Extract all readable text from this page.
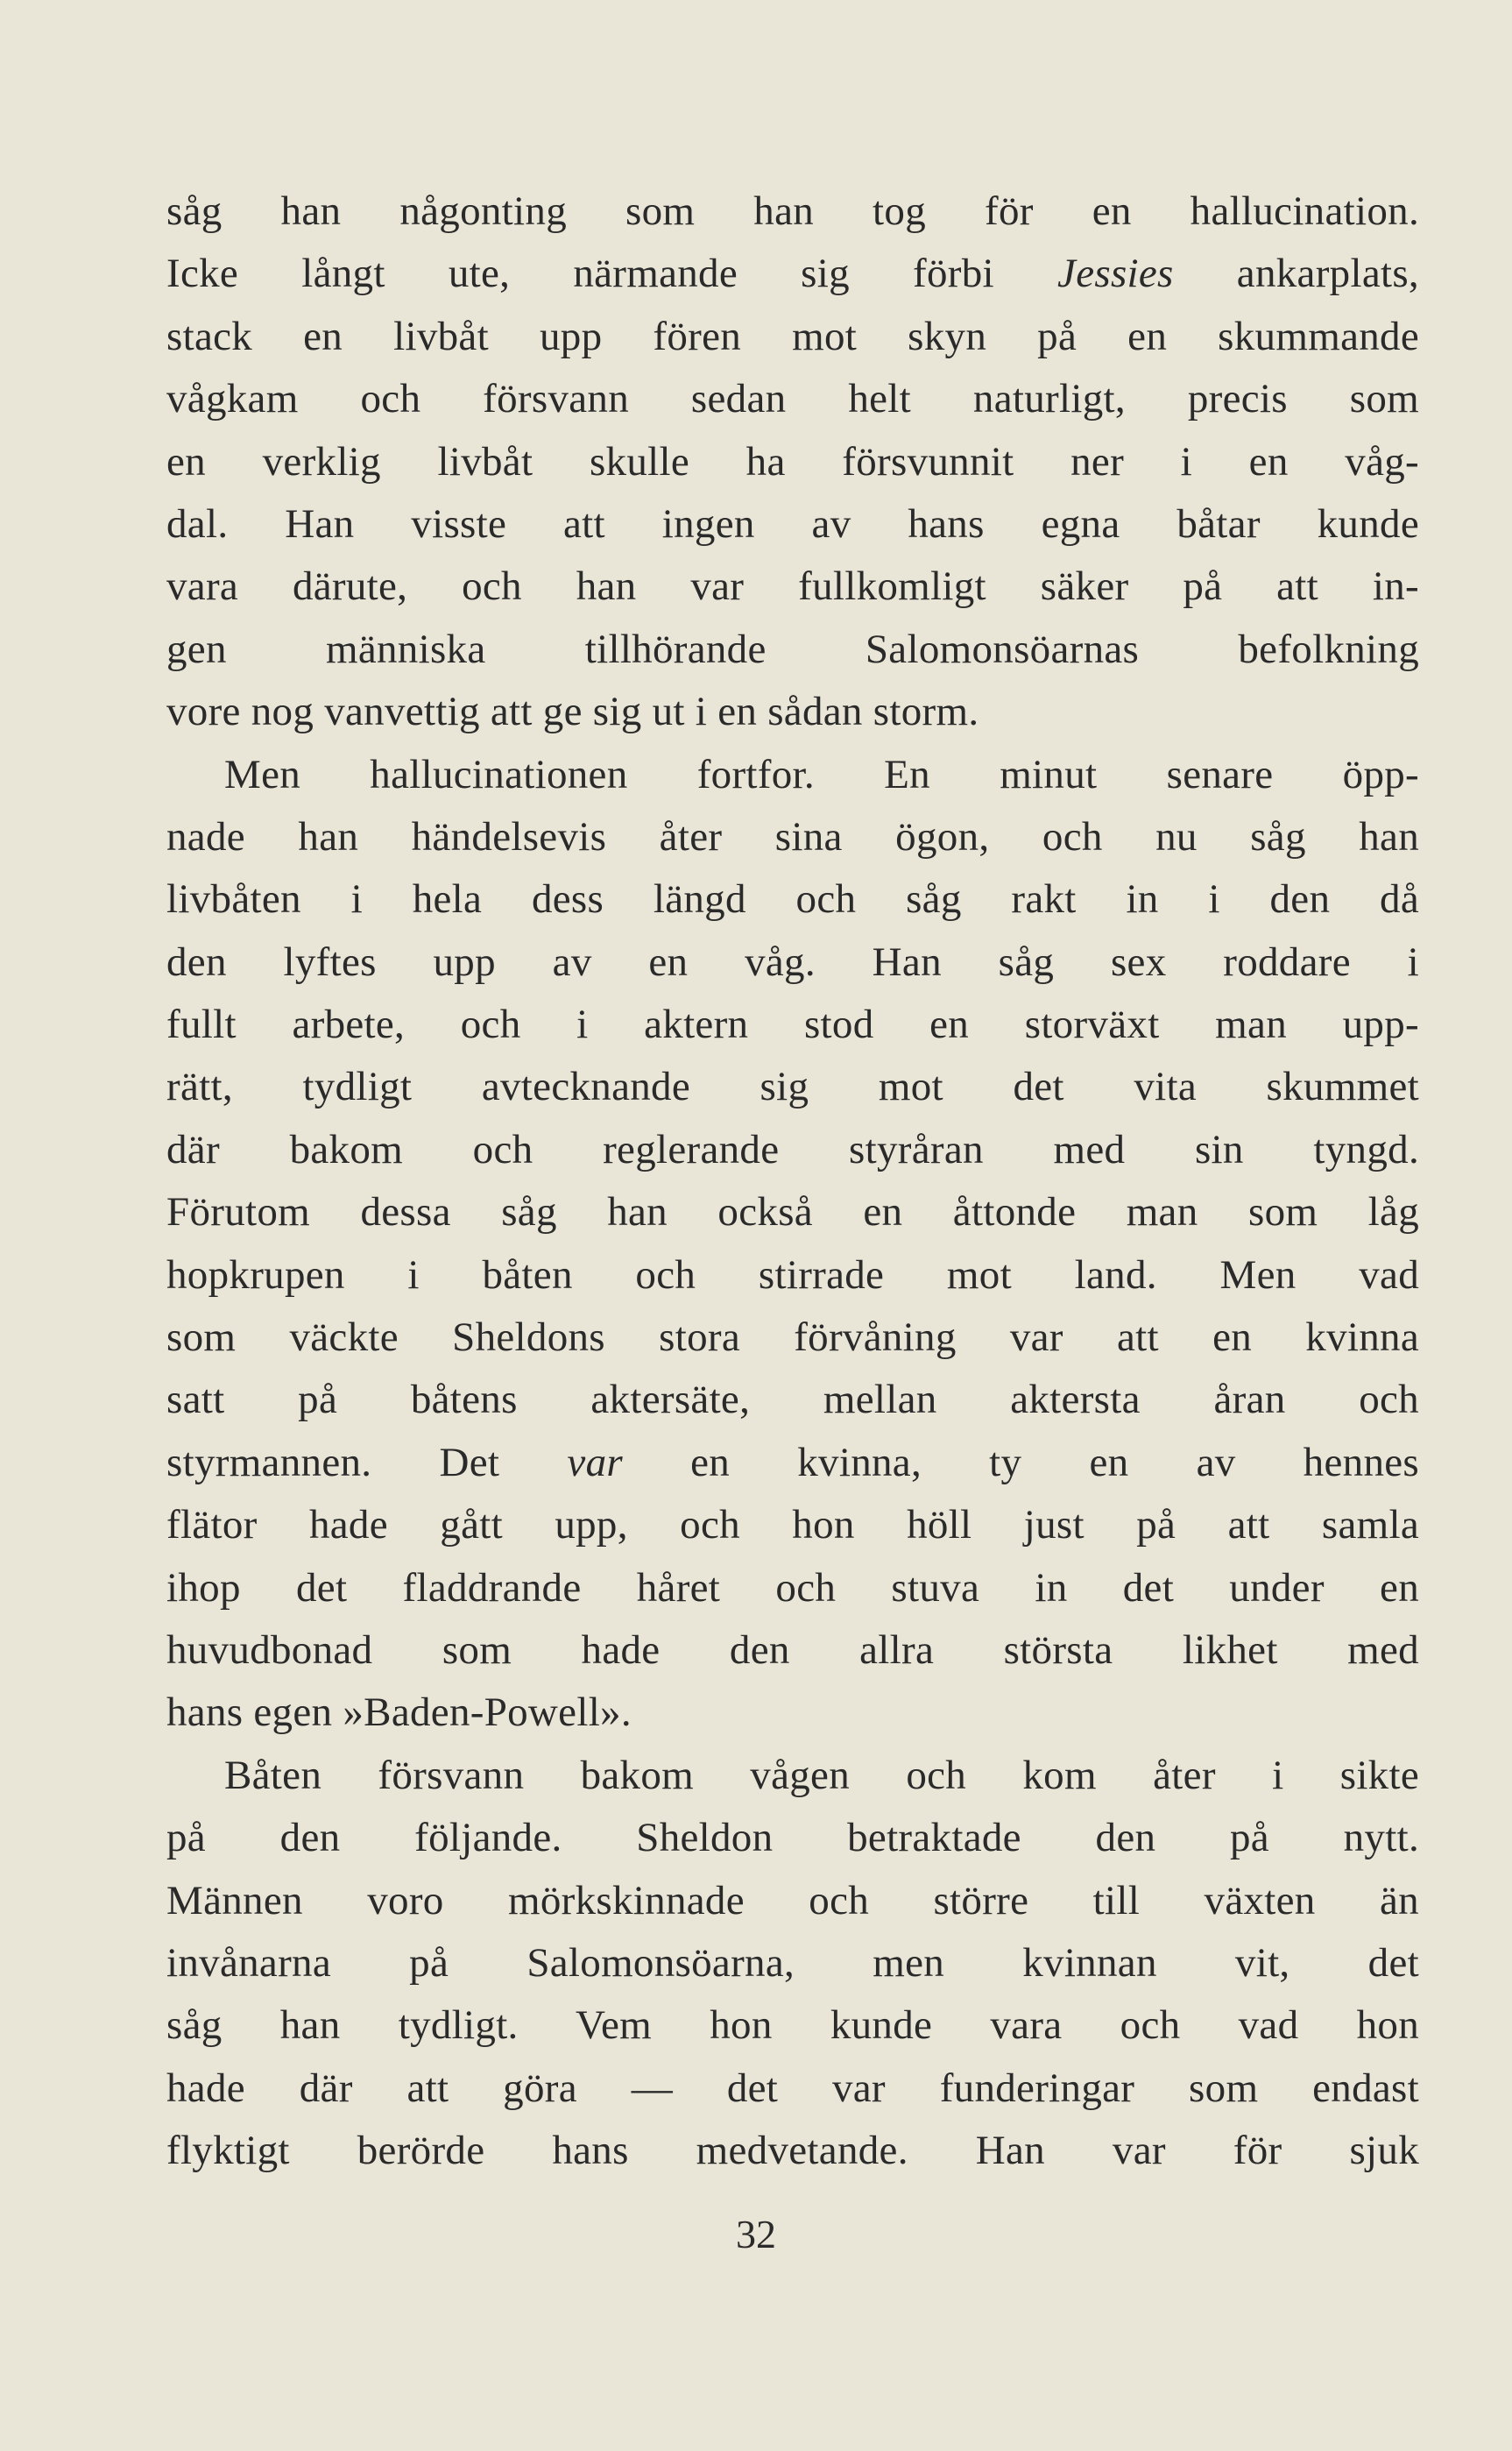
såg han någonting som han tog för en hallucination.
Icke långt ute, närmande sig förbi Jessies ankarplats,
stack en livbåt upp fören mot skyn på en skummande
vågkam och försvann sedan helt naturligt, precis som
en verklig livbåt skulle ha försvunnit ner i en våg-
dal. Han visste att ingen av hans egna båtar kunde
vara därute, och han var fullkomligt säker på att in-
gen människa tillhörande Salomonsöarnas befolkning
vore nog vanvettig att ge sig ut i en sådan storm.
Men hallucinationen fortfor. En minut senare öpp-
nade han händelsevis åter sina ögon, och nu såg han
livbåten i hela dess längd och såg rakt in i den då
den lyftes upp av en våg. Han såg sex roddare i
fullt arbete, och i aktern stod en storväxt man upp-
rätt, tydligt avtecknande sig mot det vita skummet
där bakom och reglerande styråran med sin tyngd.
Förutom dessa såg han också en åttonde man som låg
hopkrupen i båten och stirrade mot land. Men vad
som väckte Sheldons stora förvåning var att en kvinna
satt på båtens aktersäte, mellan aktersta åran och
styrmannen. Det var en kvinna, ty en av hennes
flätor hade gått upp, och hon höll just på att samla
ihop det fladdrande håret och stuva in det under en
huvudbonad som hade den allra största likhet med
hans egen »Baden-Powell».
Båten försvann bakom vågen och kom åter i sikte
på den följande. Sheldon betraktade den på nytt.
Männen voro mörkskinnade och större till växten än
invånarna på Salomonsöarna, men kvinnan vit, det
såg han tydligt. Vem hon kunde vara och vad hon
hade där att göra — det var funderingar som endast
flyktigt berörde hans medvetande. Han var för sjuk
32
